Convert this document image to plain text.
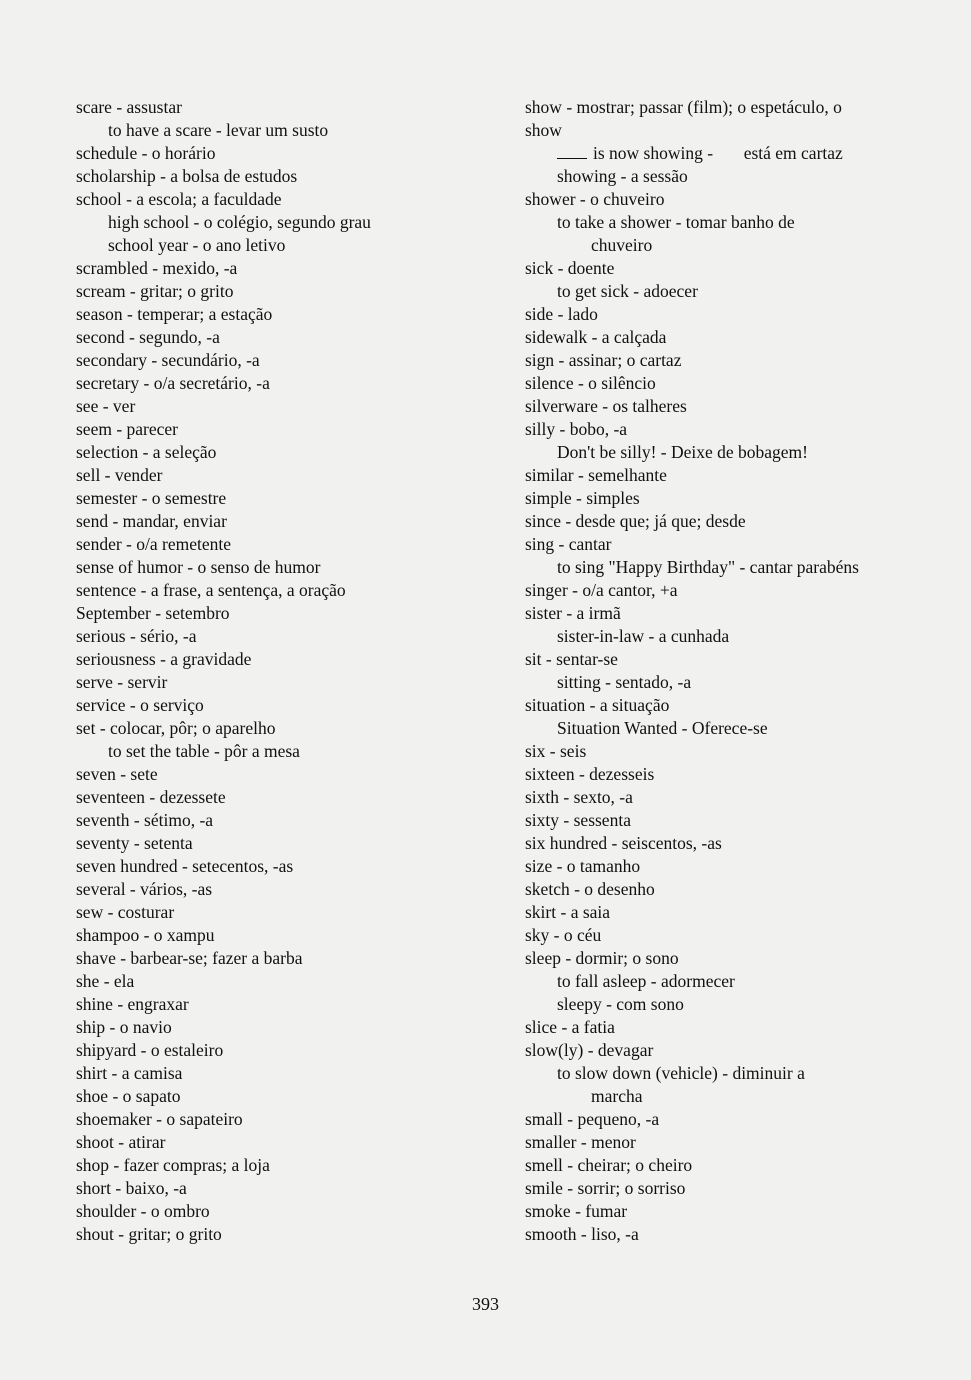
scare - assustar
to have a scare - levar um susto
schedule - o horário
scholarship - a bolsa de estudos
school - a escola; a faculdade
high school - o colégio, segundo grau
school year - o ano letivo
scrambled - mexido, -a
scream - gritar; o grito
season - temperar; a estação
second - segundo, -a
secondary - secundário, -a
secretary - o/a secretário, -a
see - ver
seem - parecer
selection - a seleção
sell - vender
semester - o semestre
send - mandar, enviar
sender - o/a remetente
sense of humor - o senso de humor
sentence - a frase, a sentença, a oração
September - setembro
serious - sério, -a
seriousness - a gravidade
serve - servir
service - o serviço
set - colocar, pôr; o aparelho
to set the table - pôr a mesa
seven - sete
seventeen - dezessete
seventh - sétimo, -a
seventy - setenta
seven hundred - setecentos, -as
several - vários, -as
sew - costurar
shampoo - o xampu
shave - barbear-se; fazer a barba
she - ela
shine - engraxar
ship - o navio
shipyard - o estaleiro
shirt - a camisa
shoe - o sapato
shoemaker - o sapateiro
shoot - atirar
shop - fazer compras; a loja
short - baixo, -a
shoulder - o ombro
shout - gritar; o grito
show - mostrar; passar (film); o espetáculo, o
show
is now showing -       está em cartaz
showing - a sessão
shower - o chuveiro
to take a shower - tomar banho de
chuveiro
sick - doente
to get sick - adoecer
side - lado
sidewalk - a calçada
sign - assinar; o cartaz
silence - o silêncio
silverware - os talheres
silly - bobo, -a
Don't be silly! - Deixe de bobagem!
similar - semelhante
simple - simples
since - desde que; já que; desde
sing - cantar
to sing "Happy Birthday" - cantar parabéns
singer - o/a cantor, +a
sister - a irmã
sister-in-law - a cunhada
sit - sentar-se
sitting - sentado, -a
situation - a situação
Situation Wanted - Oferece-se
six - seis
sixteen - dezesseis
sixth - sexto, -a
sixty - sessenta
six hundred - seiscentos, -as
size - o tamanho
sketch - o desenho
skirt - a saia
sky - o céu
sleep - dormir; o sono
to fall asleep - adormecer
sleepy - com sono
slice - a fatia
slow(ly) - devagar
to slow down (vehicle) - diminuir a
marcha
small - pequeno, -a
smaller - menor
smell - cheirar; o cheiro
smile - sorrir; o sorriso
smoke - fumar
smooth - liso, -a
393
